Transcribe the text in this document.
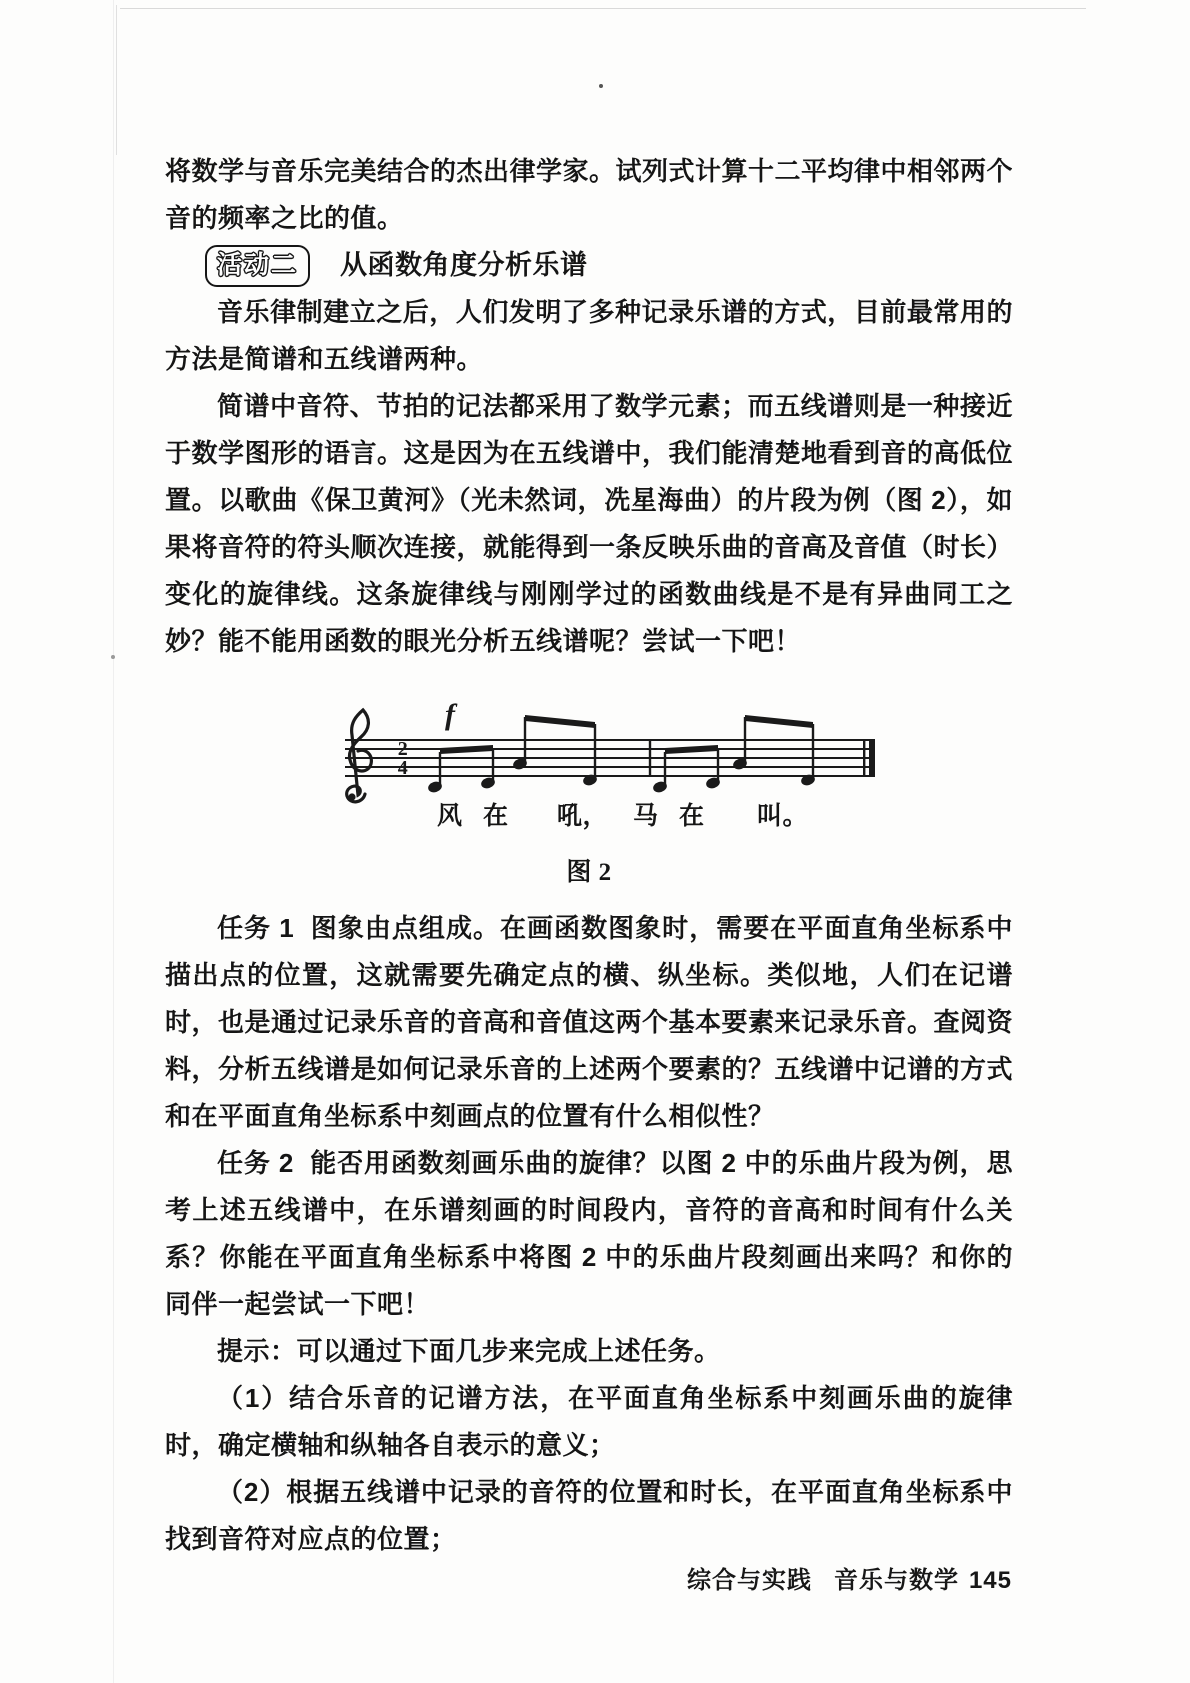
将数学与音乐完美结合的杰出律学家。试列式计算十二平均律中相邻两个音的频率之比的值。

活动二	从函数角度分析乐谱

音乐律制建立之后，人们发明了多种记录乐谱的方式，目前最常用的方法是简谱和五线谱两种。

简谱中音符、节拍的记法都采用了数学元素；而五线谱则是一种接近于数学图形的语言。这是因为在五线谱中，我们能清楚地看到音的高低位置。以歌曲《保卫黄河》（光未然词，冼星海曲）的片段为例（图 2），如果将音符的符头顺次连接，就能得到一条反映乐曲的音高及音值（时长）变化的旋律线。这条旋律线与刚刚学过的函数曲线是不是有异曲同工之妙？能不能用函数的眼光分析五线谱呢？尝试一下吧！

2
4
f
风 在 吼， 马 在 叫。
图 2

任务 1 图象由点组成。在画函数图象时，需要在平面直角坐标系中描出点的位置，这就需要先确定点的横、纵坐标。类似地，人们在记谱时，也是通过记录乐音的音高和音值这两个基本要素来记录乐音。查阅资料，分析五线谱是如何记录乐音的上述两个要素的？五线谱中记谱的方式和在平面直角坐标系中刻画点的位置有什么相似性？

任务 2 能否用函数刻画乐曲的旋律？以图 2 中的乐曲片段为例，思考上述五线谱中，在乐谱刻画的时间段内，音符的音高和时间有什么关系？你能在平面直角坐标系中将图 2 中的乐曲片段刻画出来吗？和你的同伴一起尝试一下吧！

提示：可以通过下面几步来完成上述任务。

（1）结合乐音的记谱方法，在平面直角坐标系中刻画乐曲的旋律时，确定横轴和纵轴各自表示的意义；

（2）根据五线谱中记录的音符的位置和时长，在平面直角坐标系中找到音符对应点的位置；

综合与实践 音乐与数学 145
